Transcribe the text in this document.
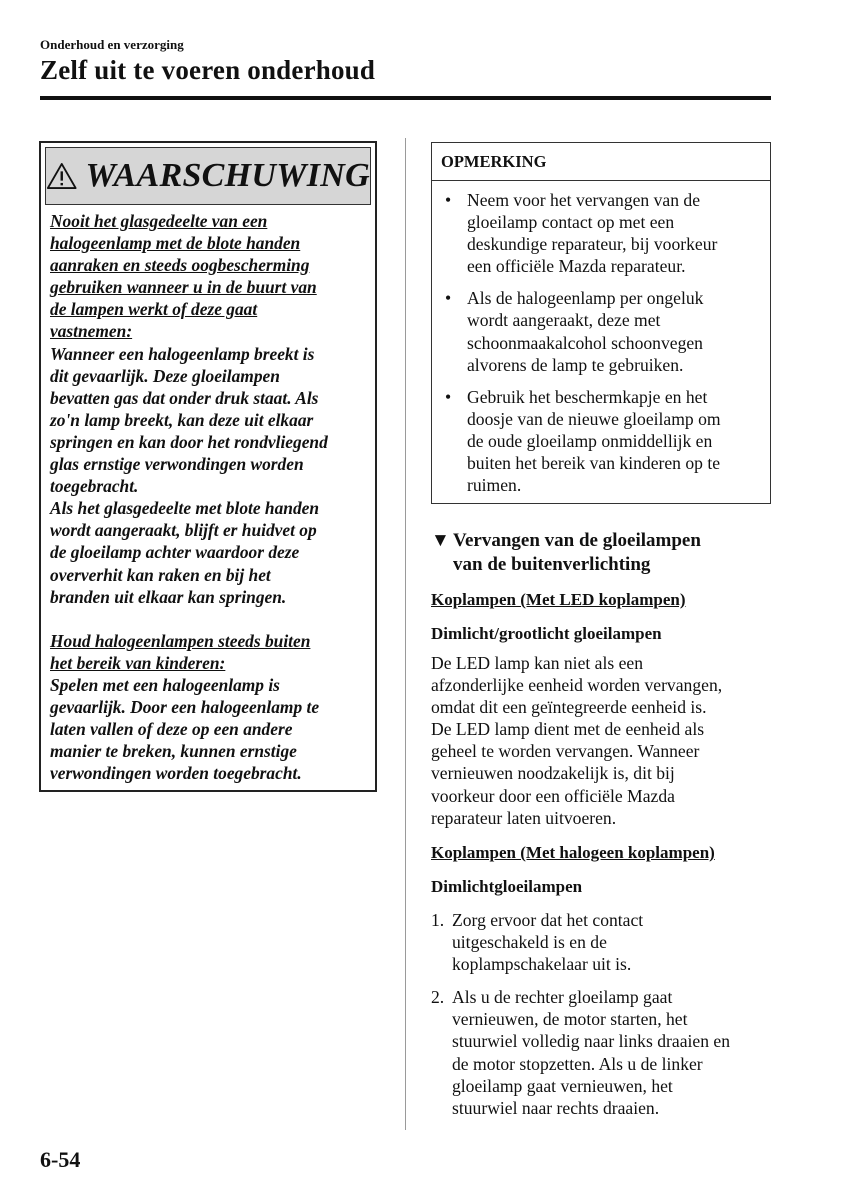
Onderhoud en verzorging
Zelf uit te voeren onderhoud
WAARSCHUWING

Nooit het glasgedeelte van een

halogeenlamp met de blote handen

aanraken en steeds oogbescherming

gebruiken wanneer u in de buurt van

de lampen werkt of deze gaat

vastnemen:

Wanneer een halogeenlamp breekt is

dit gevaarlijk. Deze gloeilampen

bevatten gas dat onder druk staat. Als

zo'n lamp breekt, kan deze uit elkaar

springen en kan door het rondvliegend

glas ernstige verwondingen worden

toegebracht.

Als het glasgedeelte met blote handen

wordt aangeraakt, blijft er huidvet op

de gloeilamp achter waardoor deze

oververhit kan raken en bij het

branden uit elkaar kan springen.

Houd halogeenlampen steeds buiten

het bereik van kinderen:

Spelen met een halogeenlamp is

gevaarlijk. Door een halogeenlamp te

laten vallen of deze op een andere

manier te breken, kunnen ernstige

verwondingen worden toegebracht.

OPMERKING
• Neem voor het vervangen van de
gloeilamp contact op met een
deskundige reparateur, bij voorkeur
een officiële Mazda reparateur.
• Als de halogeenlamp per ongeluk
wordt aangeraakt, deze met
schoonmaakalcohol schoonvegen
alvorens de lamp te gebruiken.
• Gebruik het beschermkapje en het
doosje van de nieuwe gloeilamp om
de oude gloeilamp onmiddellijk en
buiten het bereik van kinderen op te
ruimen.
▼ Vervangen van de gloeilampen
van de buitenverlichting
Koplampen (Met LED koplampen)
Dimlicht/grootlicht gloeilampen
De LED lamp kan niet als een
afzonderlijke eenheid worden vervangen,
omdat dit een geïntegreerde eenheid is.
De LED lamp dient met de eenheid als
geheel te worden vervangen. Wanneer
vernieuwen noodzakelijk is, dit bij
voorkeur door een officiële Mazda
reparateur laten uitvoeren.
Koplampen (Met halogeen koplampen)
Dimlichtgloeilampen
1. Zorg ervoor dat het contact
uitgeschakeld is en de
koplampschakelaar uit is.
2. Als u de rechter gloeilamp gaat
vernieuwen, de motor starten, het
stuurwiel volledig naar links draaien en
de motor stopzetten. Als u de linker
gloeilamp gaat vernieuwen, het
stuurwiel naar rechts draaien.
6-54
